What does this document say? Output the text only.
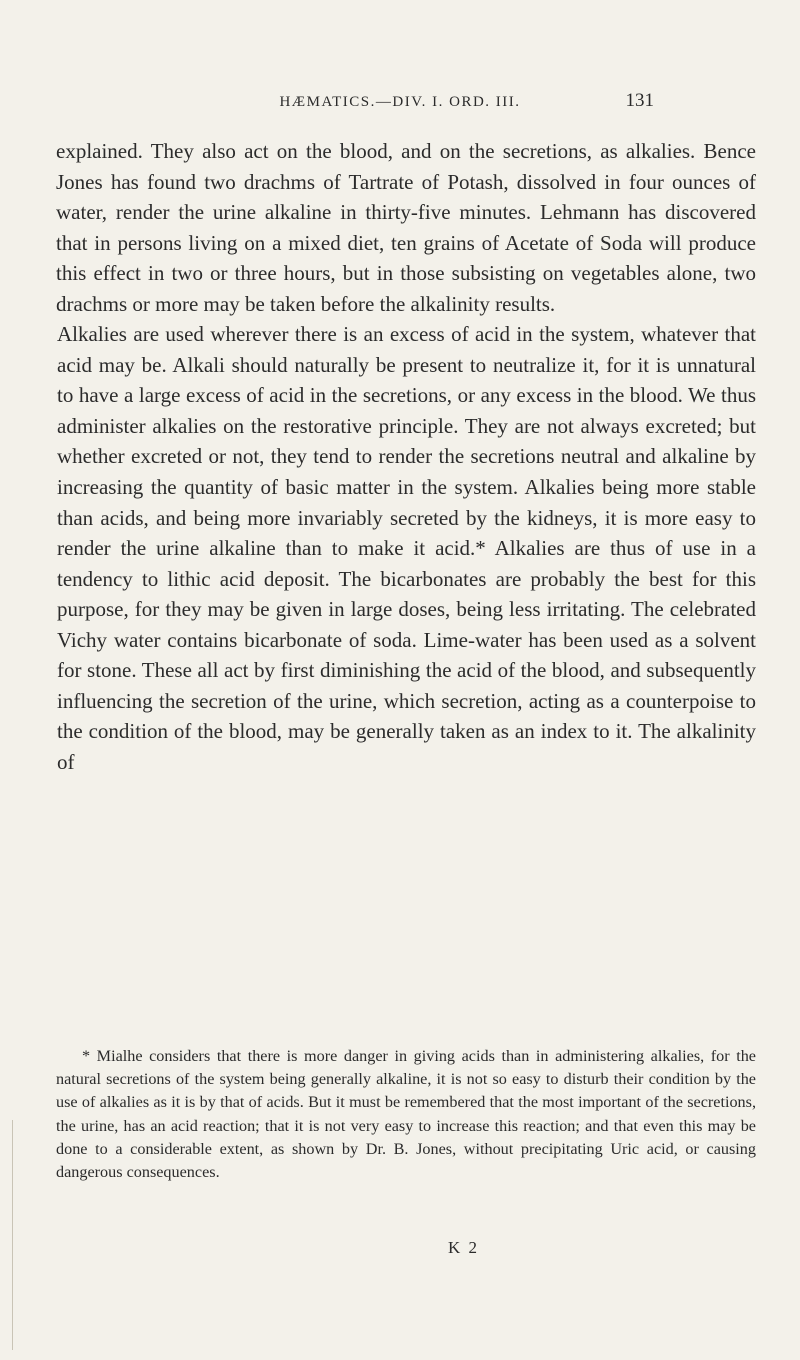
HÆMATICS.—DIV. I. ORD. III.	131

explained. They also act on the blood, and on the secretions, as alkalies. Bence Jones has found two drachms of Tartrate of Potash, dissolved in four ounces of water, render the urine alkaline in thirty-five minutes. Lehmann has discovered that in persons living on a mixed diet, ten grains of Acetate of Soda will produce this effect in two or three hours, but in those subsisting on vegetables alone, two drachms or more may be taken before the alkalinity results.

Alkalies are used wherever there is an excess of acid in the system, whatever that acid may be. Alkali should naturally be present to neutralize it, for it is unnatural to have a large excess of acid in the secretions, or any excess in the blood. We thus administer alkalies on the restorative principle. They are not always excreted; but whether excreted or not, they tend to render the secretions neutral and alkaline by increasing the quantity of basic matter in the system. Alkalies being more stable than acids, and being more invariably secreted by the kidneys, it is more easy to render the urine alkaline than to make it acid.* Alkalies are thus of use in a tendency to lithic acid deposit. The bicarbonates are probably the best for this purpose, for they may be given in large doses, being less irritating. The celebrated Vichy water contains bicarbonate of soda. Lime-water has been used as a solvent for stone. These all act by first diminishing the acid of the blood, and subsequently influencing the secretion of the urine, which secretion, acting as a counterpoise to the condition of the blood, may be generally taken as an index to it. The alkalinity of

* Mialhe considers that there is more danger in giving acids than in administering alkalies, for the natural secretions of the system being generally alkaline, it is not so easy to disturb their condition by the use of alkalies as it is by that of acids. But it must be remembered that the most important of the secretions, the urine, has an acid reaction; that it is not very easy to increase this reaction; and that even this may be done to a considerable extent, as shown by Dr. B. Jones, without precipitating Uric acid, or causing dangerous consequences.

K 2
